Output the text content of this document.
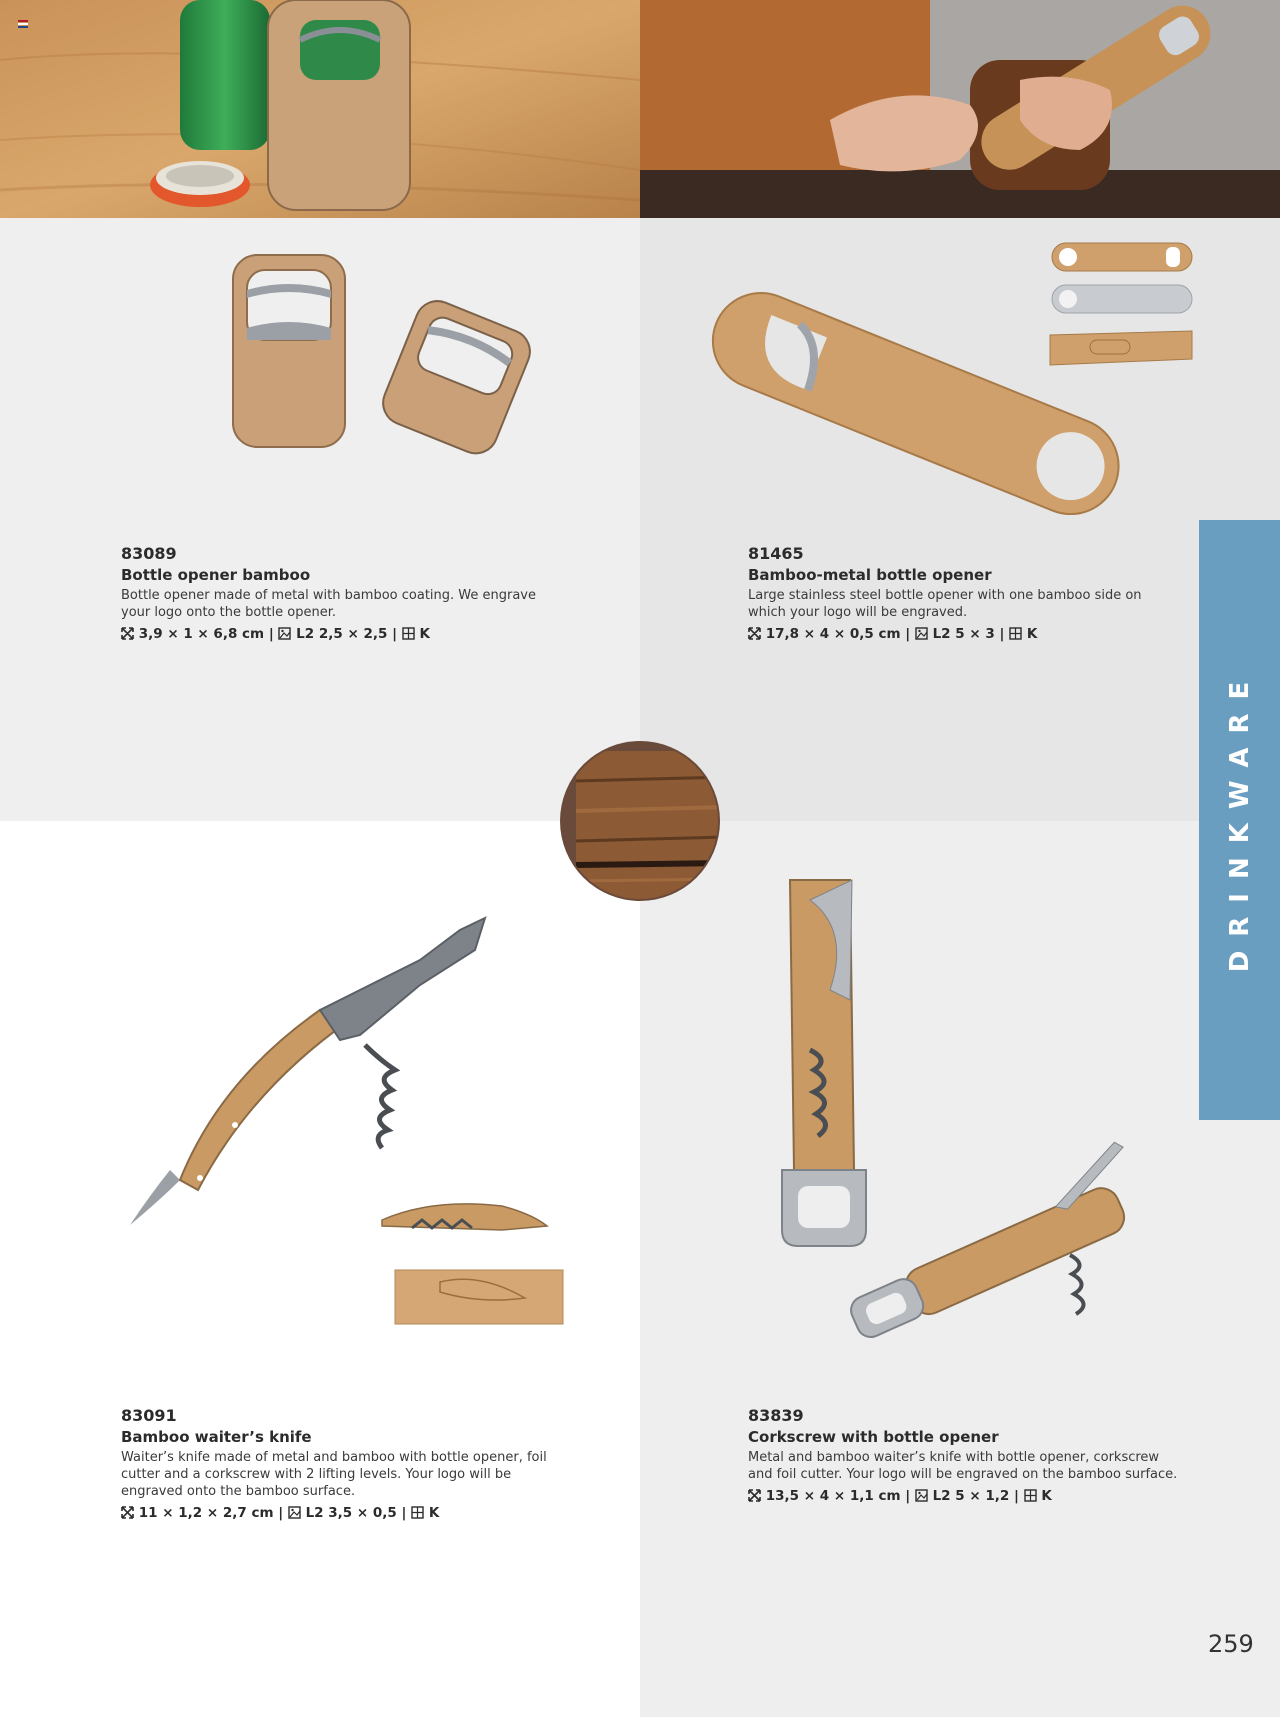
DRINKWARE
83089
Bottle opener bamboo
Bottle opener made of metal with bamboo coating. We engrave your logo onto the bottle opener.
3,9 × 1 × 6,8 cm | L2 2,5 × 2,5 | K
81465
Bamboo-metal bottle opener
Large stainless steel bottle opener with one bamboo side on which your logo will be engraved.
17,8 × 4 × 0,5 cm | L2 5 × 3 | K
83091
Bamboo waiter’s knife
Waiter’s knife made of metal and bamboo with bottle opener, foil cutter and a corkscrew with 2 lifting levels. Your logo will be engraved onto the bamboo surface.
11 × 1,2 × 2,7 cm | L2 3,5 × 0,5 | K
83839
Corkscrew with bottle opener
Metal and bamboo waiter’s knife with bottle opener, corkscrew and foil cutter. Your logo will be engraved on the bamboo surface.
13,5 × 4 × 1,1 cm | L2 5 × 1,2 | K
259
